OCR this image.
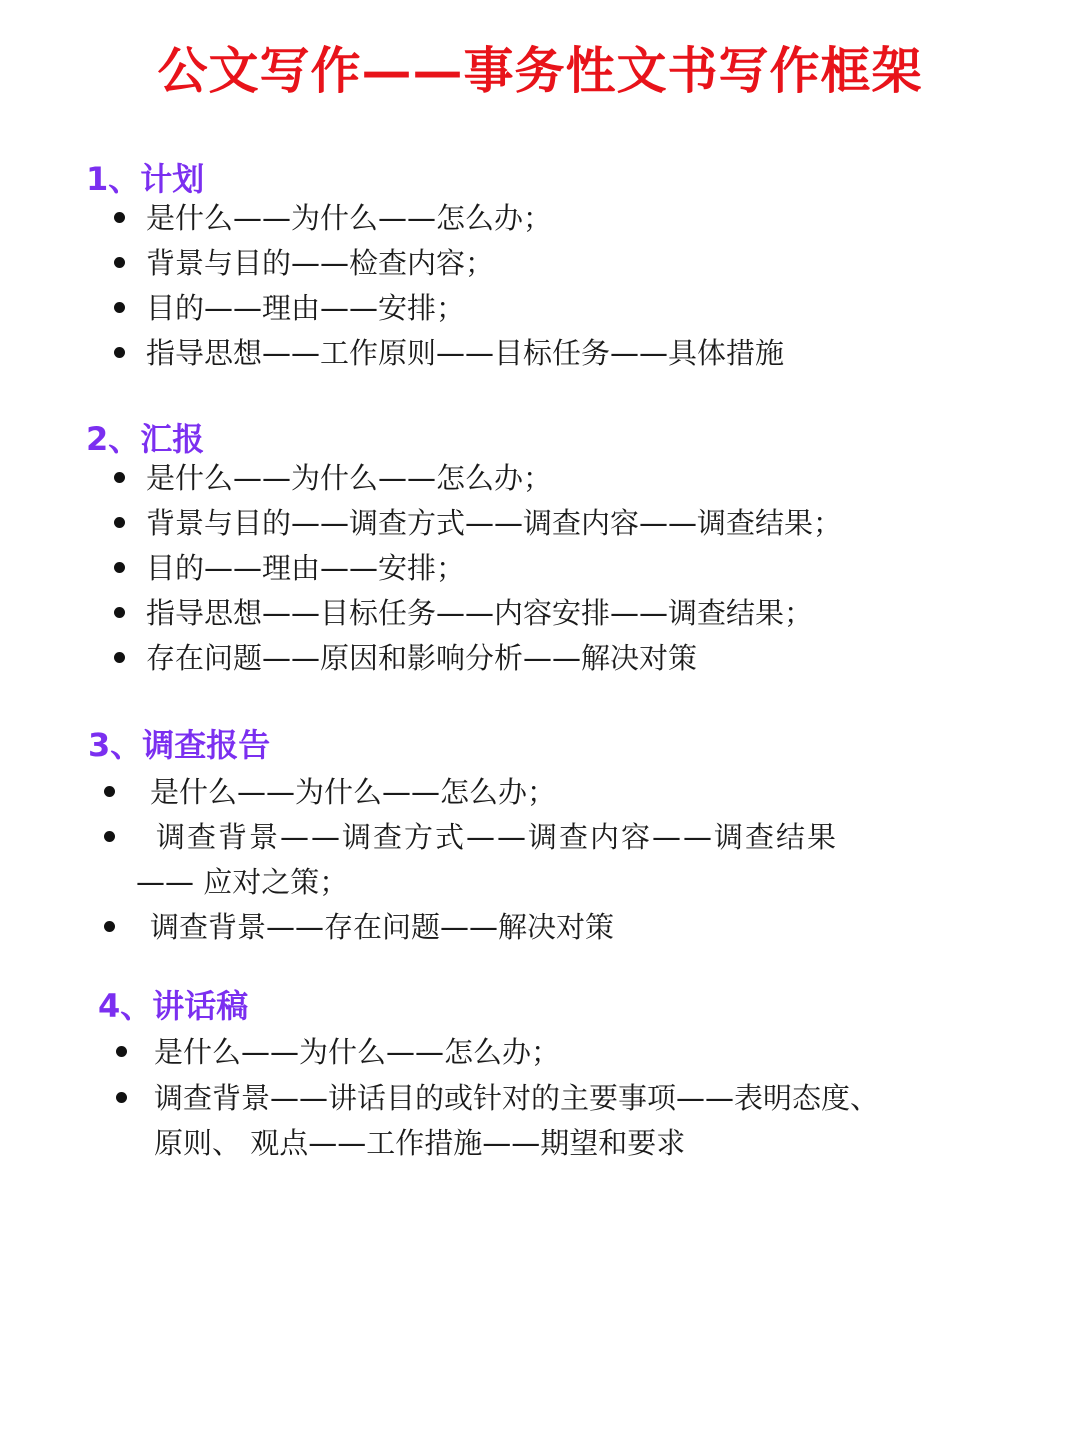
公文写作——事务性文书写作框架
1、计划
是什么——为什么——怎么办；
背景与目的——检查内容；
目的——理由——安排；
指导思想——工作原则——目标任务——具体措施
2、汇报
是什么——为什么——怎么办；
背景与目的——调查方式——调查内容——调查结果；
目的——理由——安排；
指导思想——目标任务——内容安排——调查结果；
存在问题——原因和影响分析——解决对策
3、调查报告
是什么——为什么——怎么办；
调查背景——调查方式——调查内容——调查结果
—— 应对之策；
调查背景——存在问题——解决对策
4、讲话稿
是什么——为什么——怎么办；
调查背景——讲话目的或针对的主要事项——表明态度、
原则、 观点——工作措施——期望和要求
